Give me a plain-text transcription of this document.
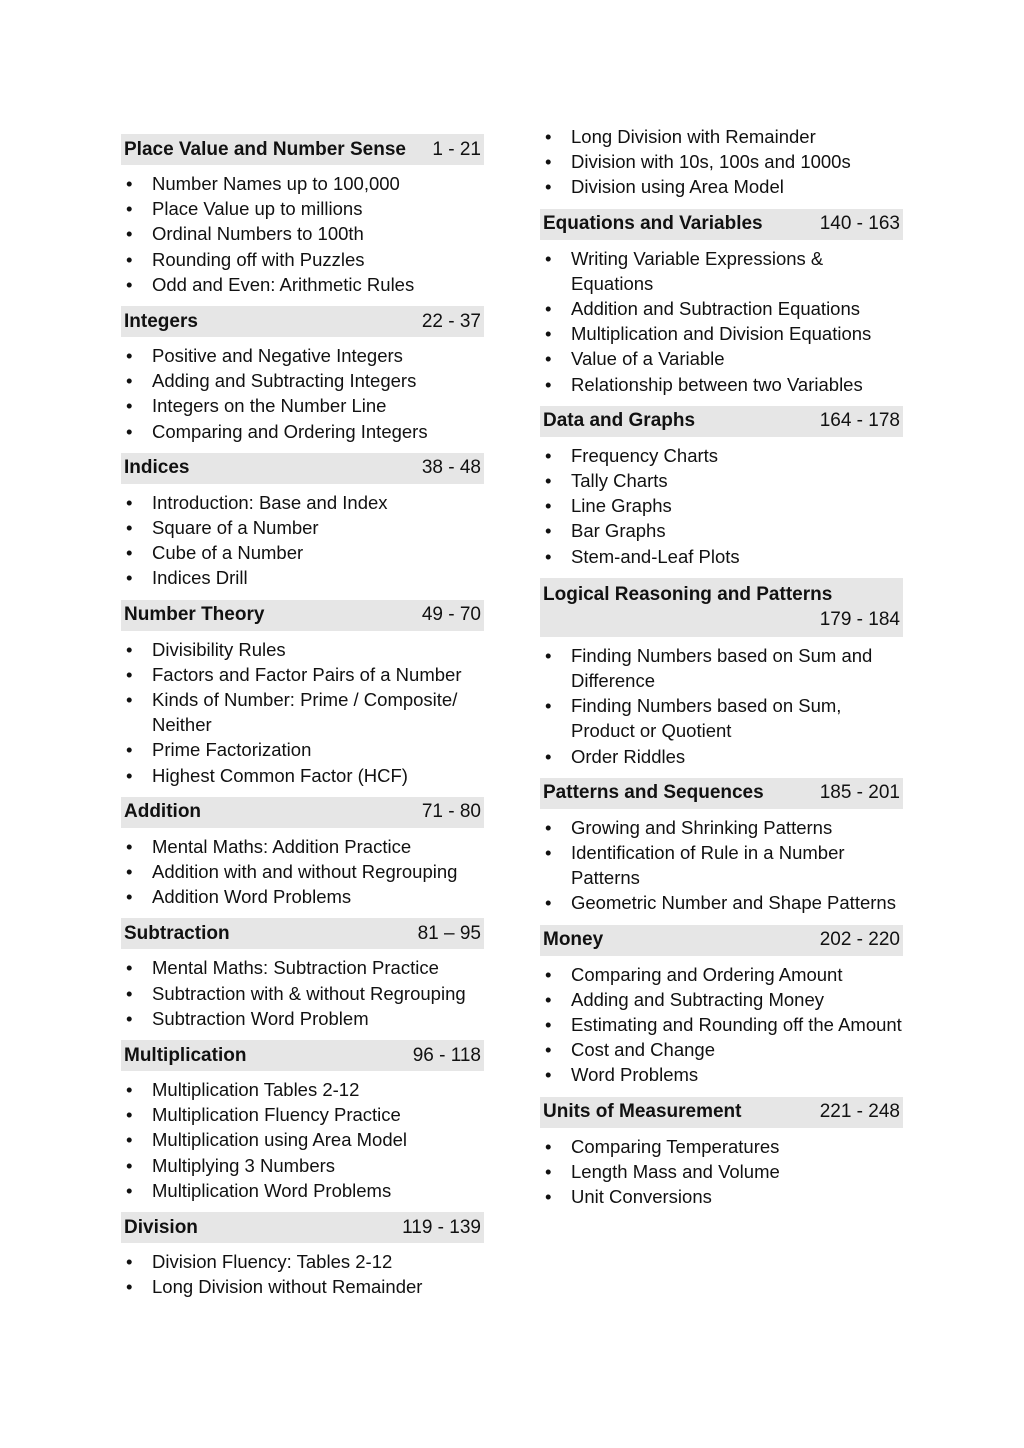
Place Value and Number Sense 1 - 21
• Number Names up to 100,000
• Place Value up to millions
• Ordinal Numbers to 100th
• Rounding off with Puzzles
• Odd and Even: Arithmetic Rules
Integers	22 - 37
• Positive and Negative Integers
• Adding and Subtracting Integers
• Integers on the Number Line
• Comparing and Ordering Integers
Indices	38 - 48
• Introduction: Base and Index
• Square of a Number
• Cube of a Number
• Indices Drill
Number Theory	49 - 70
• Divisibility Rules
• Factors and Factor Pairs of a Number
• Kinds of Number: Prime / Composite/ Neither
• Prime Factorization
• Highest Common Factor (HCF)
Addition	71 - 80
• Mental Maths: Addition Practice
• Addition with and without Regrouping
• Addition Word Problems
Subtraction	81 – 95
• Mental Maths: Subtraction Practice
• Subtraction with & without Regrouping
• Subtraction Word Problem
Multiplication	96 - 118
• Multiplication Tables 2-12
• Multiplication Fluency Practice
• Multiplication using Area Model
• Multiplying 3 Numbers
• Multiplication Word Problems
Division	119 - 139
• Division Fluency: Tables 2-12
• Long Division without Remainder
• Long Division with Remainder
• Division with 10s, 100s and 1000s
• Division using Area Model
Equations and Variables	140 - 163
• Writing Variable Expressions & Equations
• Addition and Subtraction Equations
• Multiplication and Division Equations
• Value of a Variable
• Relationship between two Variables
Data and Graphs	164 - 178
• Frequency Charts
• Tally Charts
• Line Graphs
• Bar Graphs
• Stem-and-Leaf Plots
Logical Reasoning and Patterns
179 - 184
• Finding Numbers based on Sum and Difference
• Finding Numbers based on Sum, Product or Quotient
• Order Riddles
Patterns and Sequences	185 - 201
• Growing and Shrinking Patterns
• Identification of Rule in a Number Patterns
• Geometric Number and Shape Patterns
Money	202 - 220
• Comparing and Ordering Amount
• Adding and Subtracting Money
• Estimating and Rounding off the Amount
• Cost and Change
• Word Problems
Units of Measurement	221 - 248
• Comparing Temperatures
• Length Mass and Volume
• Unit Conversions
